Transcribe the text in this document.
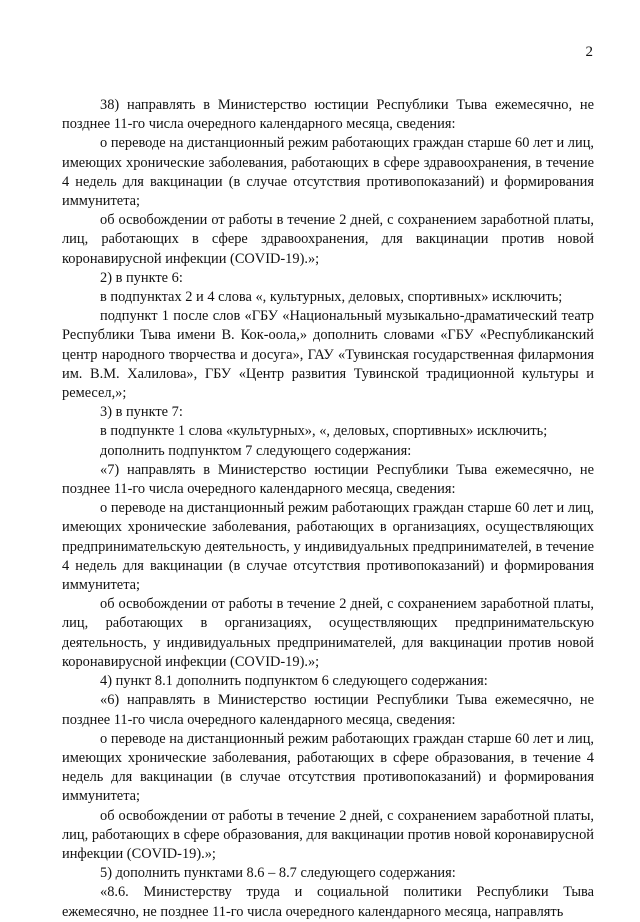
2

38) направлять в Министерство юстиции Республики Тыва ежемесячно, не позднее 11-го числа очередного календарного месяца, сведения:

о переводе на дистанционный режим работающих граждан старше 60 лет и лиц, имеющих хронические заболевания, работающих в сфере здравоохранения, в течение 4 недель для вакцинации (в случае отсутствия противопоказаний) и формирования иммунитета;

об освобождении от работы в течение 2 дней, с сохранением заработной платы, лиц, работающих в сфере здравоохранения, для вакцинации против новой коронавирусной инфекции (COVID-19).»;

2) в пункте 6:

в подпунктах 2 и 4 слова «, культурных, деловых, спортивных» исключить;

подпункт 1 после слов «ГБУ «Национальный музыкально-драматический театр Республики Тыва имени В. Кок-оола,» дополнить словами «ГБУ «Республиканский центр народного творчества и досуга», ГАУ «Тувинская государственная филармония им. В.М. Халилова», ГБУ «Центр развития Тувинской традиционной культуры и ремесел,»;

3) в пункте 7:

в подпункте 1 слова «культурных», «, деловых, спортивных» исключить;

дополнить подпунктом 7 следующего содержания:

«7) направлять в Министерство юстиции Республики Тыва ежемесячно, не позднее 11-го числа очередного календарного месяца, сведения:

о переводе на дистанционный режим работающих граждан старше 60 лет и лиц, имеющих хронические заболевания, работающих в организациях, осуществляющих предпринимательскую деятельность, у индивидуальных предпринимателей, в течение 4 недель для вакцинации (в случае отсутствия противопоказаний) и формирования иммунитета;

об освобождении от работы в течение 2 дней, с сохранением заработной платы, лиц, работающих в организациях, осуществляющих предпринимательскую деятельность, у индивидуальных предпринимателей, для вакцинации против новой коронавирусной инфекции (COVID-19).»;

4) пункт 8.1 дополнить подпунктом 6 следующего содержания:

«6) направлять в Министерство юстиции Республики Тыва ежемесячно, не позднее 11-го числа очередного календарного месяца, сведения:

о переводе на дистанционный режим работающих граждан старше 60 лет и лиц, имеющих хронические заболевания, работающих в сфере образования, в течение 4 недель для вакцинации (в случае отсутствия противопоказаний) и формирования иммунитета;

об освобождении от работы в течение 2 дней, с сохранением заработной платы, лиц, работающих в сфере образования, для вакцинации против новой коронавирусной инфекции (COVID-19).»;

5) дополнить пунктами 8.6 – 8.7 следующего содержания:

«8.6. Министерству труда и социальной политики Республики Тыва ежемесячно, не позднее 11-го числа очередного календарного месяца, направлять
